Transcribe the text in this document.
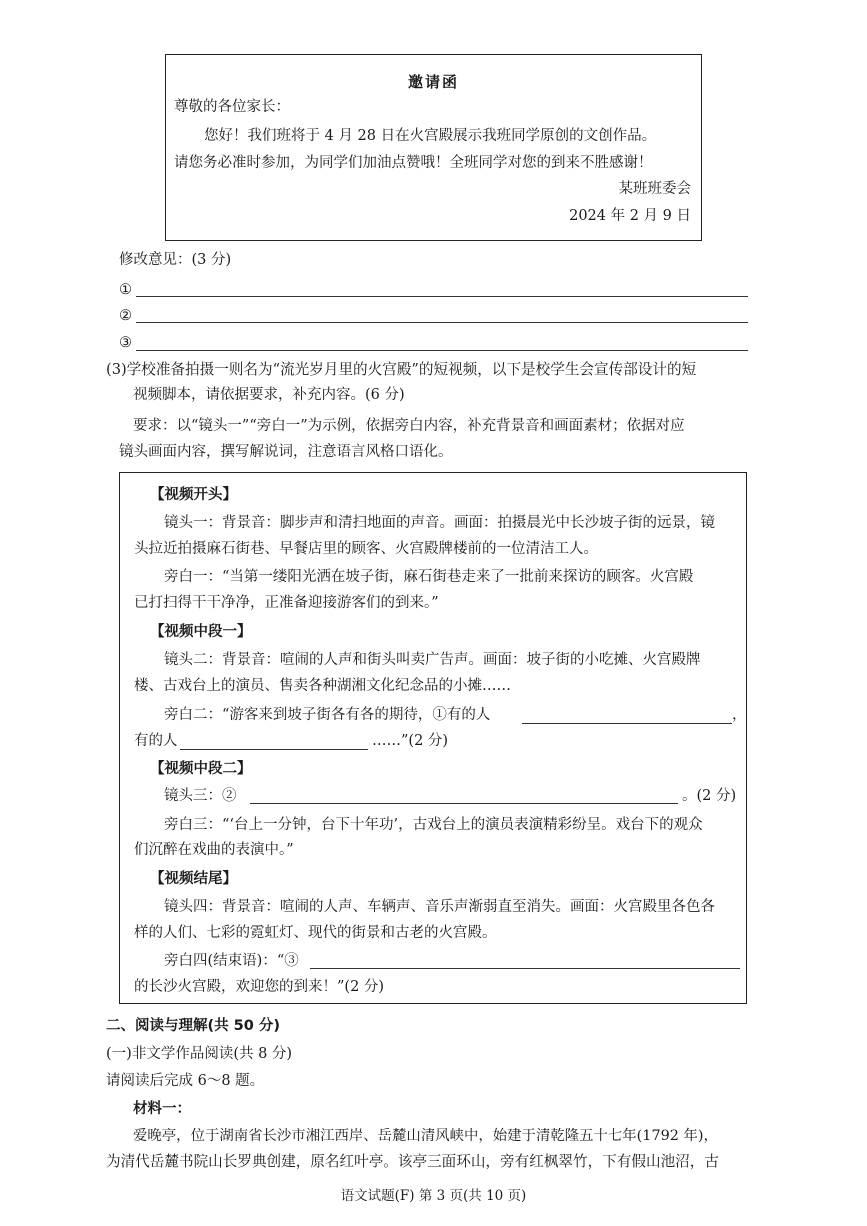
邀请函
尊敬的各位家长：
您好！我们班将于 4 月 28 日在火宫殿展示我班同学原创的文创作品。
请您务必准时参加，为同学们加油点赞哦！全班同学对您的到来不胜感谢！
某班班委会
2024 年 2 月 9 日
修改意见：(3 分)
①
②
③
(3)学校准备拍摄一则名为“流光岁月里的火宫殿”的短视频，以下是校学生会宣传部设计的短
视频脚本，请依据要求，补充内容。(6 分)
要求：以“镜头一”“旁白一”为示例，依据旁白内容，补充背景音和画面素材；依据对应
镜头画面内容，撰写解说词，注意语言风格口语化。
【视频开头】
镜头一：背景音：脚步声和清扫地面的声音。画面：拍摄晨光中长沙坡子街的远景，镜
头拉近拍摄麻石街巷、早餐店里的顾客、火宫殿牌楼前的一位清洁工人。
旁白一：“当第一缕阳光洒在坡子街，麻石街巷走来了一批前来探访的顾客。火宫殿
已打扫得干干净净，正准备迎接游客们的到来。”
【视频中段一】
镜头二：背景音：喧闹的人声和街头叫卖广告声。画面：坡子街的小吃摊、火宫殿牌
楼、古戏台上的演员、售卖各种湖湘文化纪念品的小摊……
旁白二：“游客来到坡子街各有各的期待，①有的人	，
有的人	……”(2 分)
【视频中段二】
镜头三：②	。(2 分)
旁白三：“‘台上一分钟，台下十年功’，古戏台上的演员表演精彩纷呈。戏台下的观众
们沉醉在戏曲的表演中。”
【视频结尾】
镜头四：背景音：喧闹的人声、车辆声、音乐声渐弱直至消失。画面：火宫殿里各色各
样的人们、七彩的霓虹灯、现代的街景和古老的火宫殿。
旁白四(结束语)：“③
的长沙火宫殿，欢迎您的到来！”(2 分)
二、阅读与理解(共 50 分)
(一)非文学作品阅读(共 8 分)
请阅读后完成 6～8 题。
材料一：
爱晚亭，位于湖南省长沙市湘江西岸、岳麓山清风峡中，始建于清乾隆五十七年(1792 年)，
为清代岳麓书院山长罗典创建，原名红叶亭。该亭三面环山，旁有红枫翠竹，下有假山池沼，古
语文试题(F) 第 3 页(共 10 页)
